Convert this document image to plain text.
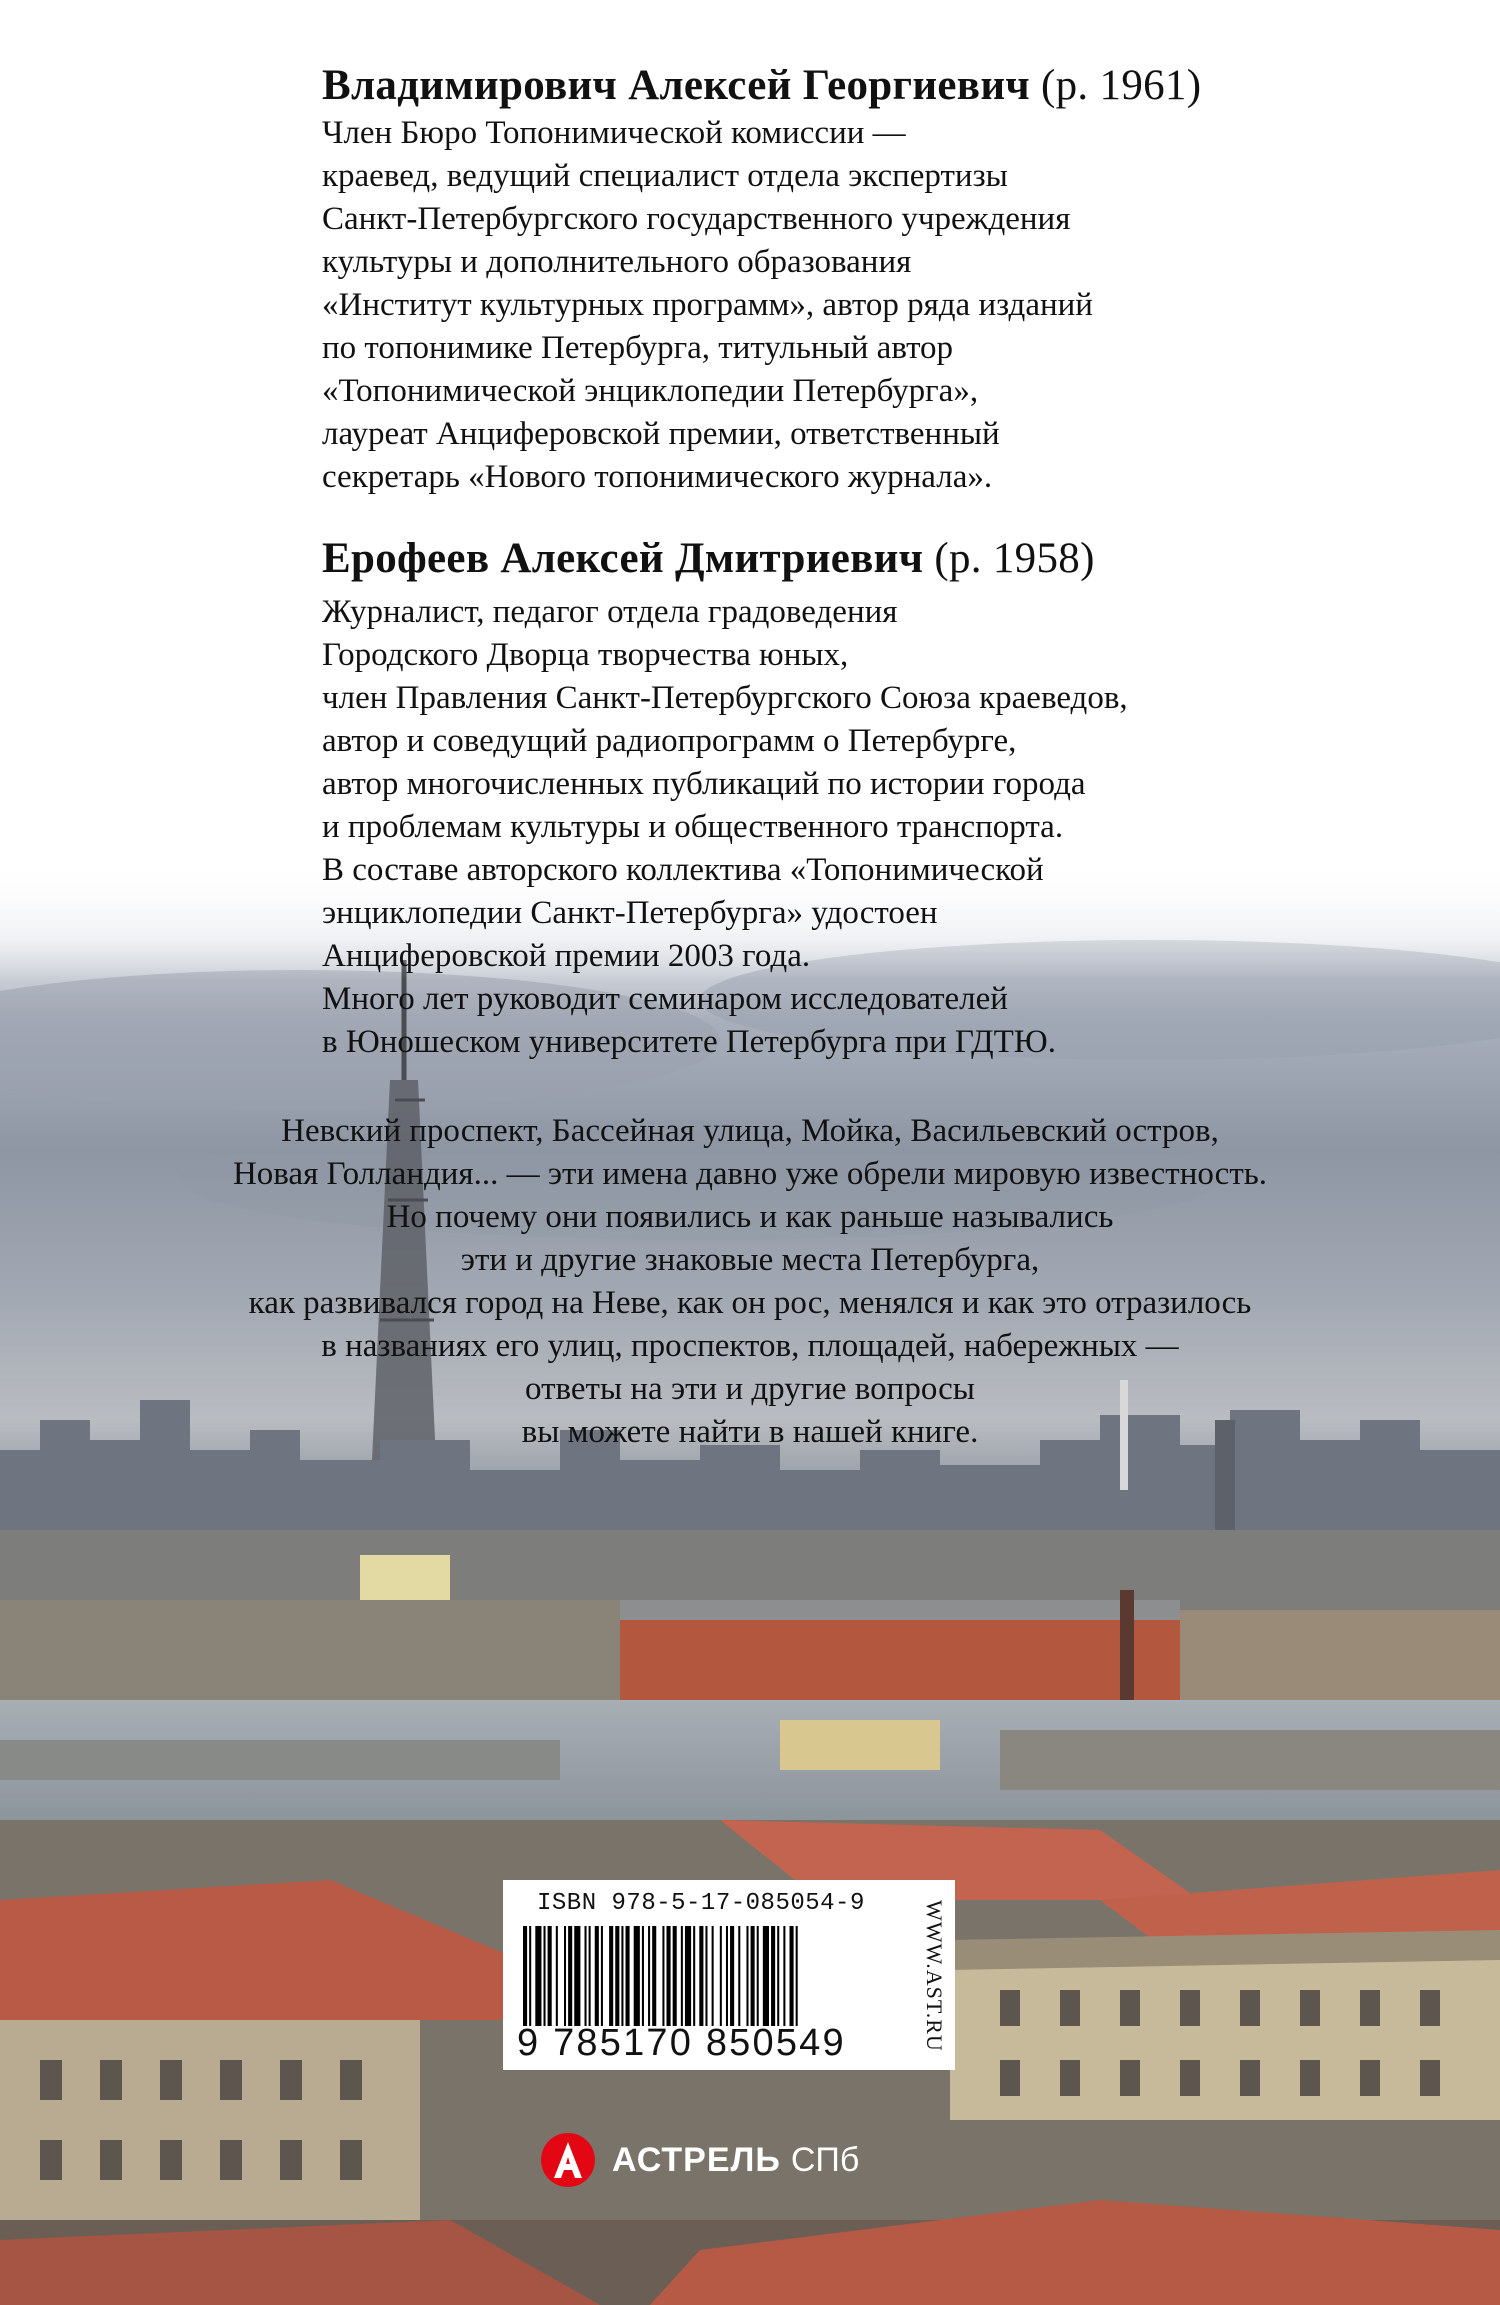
Владимирович Алексей Георгиевич (р. 1961)
Член Бюро Топонимической комиссии —
краевед, ведущий специалист отдела экспертизы
Санкт-Петербургского государственного учреждения
культуры и дополнительного образования
«Институт культурных программ», автор ряда изданий
по топонимике Петербурга, титульный автор
«Топонимической энциклопедии Петербурга»,
лауреат Анциферовской премии, ответственный
секретарь «Нового топонимического журнала».
Ерофеев Алексей Дмитриевич (р. 1958)
Журналист, педагог отдела градоведения
Городского Дворца творчества юных,
член Правления Санкт-Петербургского Союза краеведов,
автор и соведущий радиопрограмм о Петербурге,
автор многочисленных публикаций по истории города
и проблемам культуры и общественного транспорта.
В составе авторского коллектива «Топонимической
энциклопедии Санкт-Петербурга» удостоен
Анциферовской премии 2003 года.
Много лет руководит семинаром исследователей
в Юношеском университете Петербурга при ГДТЮ.
Невский проспект, Бассейная улица, Мойка, Васильевский остров,
Новая Голландия... — эти имена давно уже обрели мировую известность.
Но почему они появились и как раньше назывались
эти и другие знаковые места Петербурга,
как развивался город на Неве, как он рос, менялся и как это отразилось
в названиях его улиц, проспектов, площадей, набережных —
ответы на эти и другие вопросы
вы можете найти в нашей книге.
ISBN 978-5-17-085054-9
9 785170 850549	WWW.AST.RU
АСТРЕЛЬ СПб
